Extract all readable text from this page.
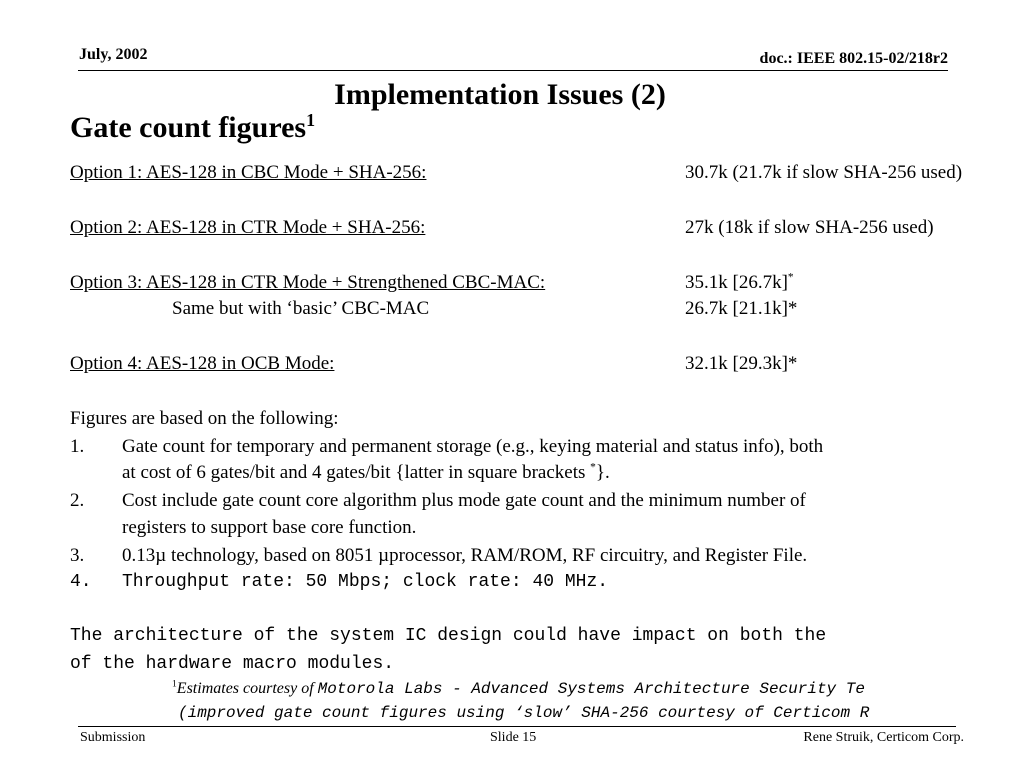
July, 2002	doc.: IEEE 802.15-02/218r2
Implementation Issues (2)
Gate count figures$^1$
Option 1: AES-128 in CBC Mode + SHA-256:	30.7k (21.7k if slow SHA-256 used)
Option 2: AES-128 in CTR Mode + SHA-256:	27k (18k if slow SHA-256 used)
Option 3: AES-128 in CTR Mode + Strengthened CBC-MAC:	35.1k [26.7k]*
Same but with ‘basic’ CBC-MAC	26.7k [21.1k]*
Option 4: AES-128 in OCB Mode:	32.1k [29.3k]*
Figures are based on the following:
1. Gate count for temporary and permanent storage (e.g., keying material and status info), both
at cost of 6 gates/bit and 4 gates/bit {latter in square brackets *}.
2. Cost include gate count core algorithm plus mode gate count and the minimum number of
registers to support base core function.
3. 0.13µ technology, based on 8051 µprocessor, RAM/ROM, RF circuitry, and Register File.
4. Throughput rate: 50 Mbps; clock rate: 40 MHz.
The architecture of the system IC design could have impact on both the
of the hardware macro modules.
$^1$Estimates courtesy of Motorola Labs - Advanced Systems Architecture Security Te
(improved gate count figures using ‘slow’ SHA-256 courtesy of Certicom R
Submission	Slide 15	Rene Struik, Certicom Corp.
